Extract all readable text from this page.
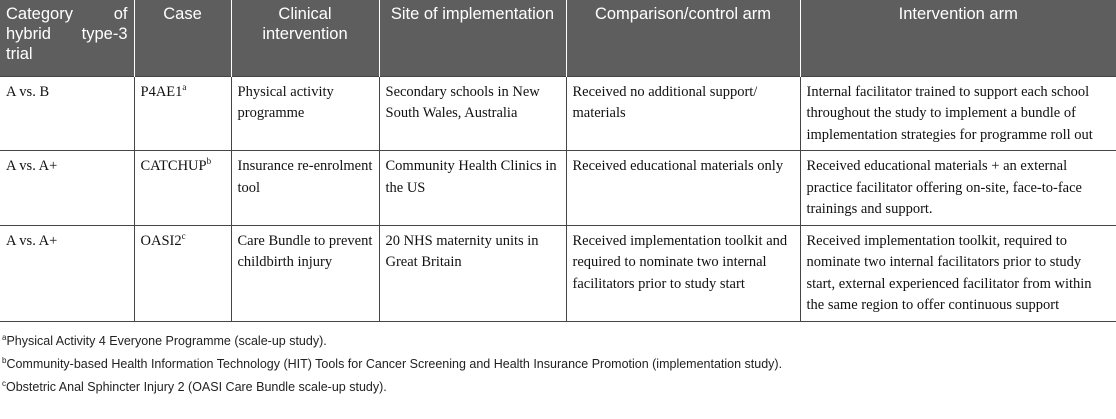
Category of hybrid type-3 trial	Case	Clinical intervention	Site of implementation	Comparison/control arm	Intervention arm
A vs. B	P4AE1$^a$	Physical activity programme	Secondary schools in New South Wales, Australia	Received no additional support/ materials	Internal facilitator trained to support each school throughout the study to implement a bundle of implementation strategies for programme roll out
A vs. A+	$CATCHUP^b$	Insurance re-enrolment tool	Community Health Clinics in the US	Received educational materials only	Received educational materials + an external practice facilitator offering on-site, face-to-face trainings and support.
A vs. A+	$OASI2^c$	Care Bundle to prevent childbirth injury	20 NHS maternity units in Great Britain	Received implementation toolkit and required to nominate two internal facilitators prior to study start	Received implementation toolkit, required to nominate two internal facilitators prior to study start, external experienced facilitator from within the same region to offer continuous support
$^a$Physical Activity 4 Everyone Programme (scale-up study).
$^b$Community-based Health Information Technology (HIT) Tools for Cancer Screening and Health Insurance Promotion (implementation study).
$^c$Obstetric Anal Sphincter Injury 2 (OASI Care Bundle scale-up study).
